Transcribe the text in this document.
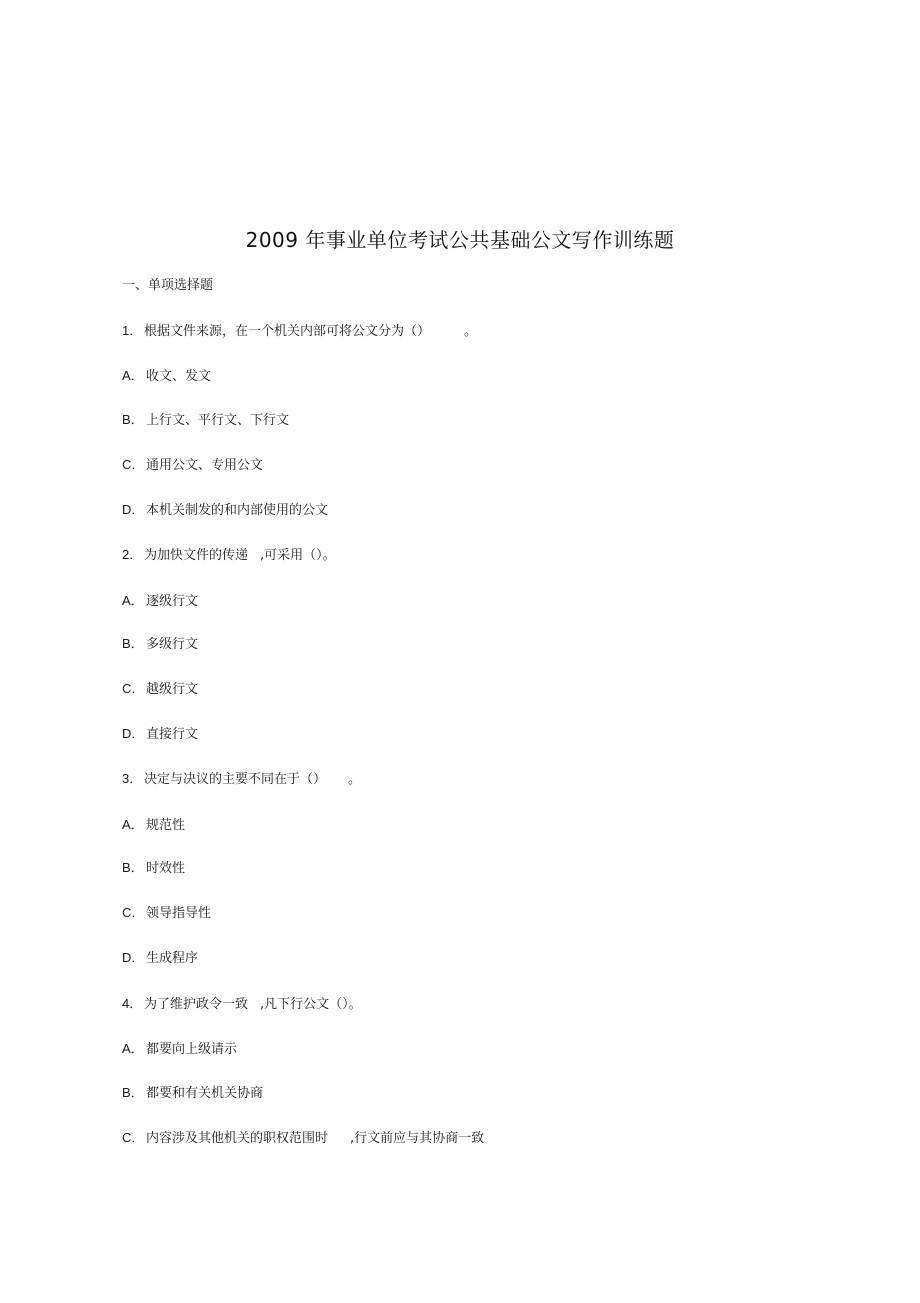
2009 年事业单位考试公共基础公文写作训练题
一、单项选择题
1． 根据文件来源，在一个机关内部可将公文分为（）	。
A． 收文、发文
B． 上行文、平行文、下行文
C． 通用公文、专用公文
D． 本机关制发的和内部使用的公文
2． 为加快文件的传递 ,可采用（）。
A． 逐级行文
B． 多级行文
C． 越级行文
D． 直接行文
3． 决定与决议的主要不同在于（） 。
A． 规范性
B． 时效性
C． 领导指导性
D． 生成程序
4． 为了维护政令一致 ,凡下行公文（）。
A． 都要向上级请示
B． 都要和有关机关协商
C． 内容涉及其他机关的职权范围时 ,行文前应与其协商一致
